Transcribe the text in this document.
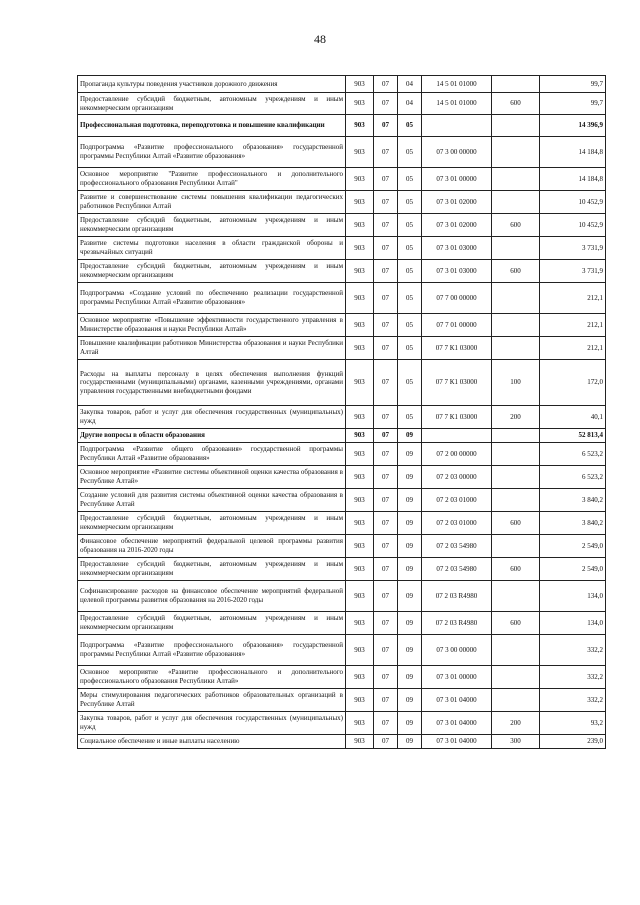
48
Пропаганда культуры поведения участников дорожного движения	903	07	04	14 5 01 01000		99,7
Предоставление субсидий бюджетным, автономным учреждениям и иным некоммерческим организациям	903	07	04	14 5 01 01000	600	99,7
Профессиональная подготовка, переподготовка и повышение квалификации	903	07	05			14 396,9
Подпрограмма «Развитие профессионального образования» государственной программы Республики Алтай «Развитие образования»	903	07	05	07 3 00 00000		14 184,8
Основное мероприятие "Развитие профессионального и дополнительного профессионального образования Республики Алтай"	903	07	05	07 3 01 00000		14 184,8
Развитие и совершенствование системы повышения квалификации педагогических работников Республики Алтай	903	07	05	07 3 01 02000		10 452,9
Предоставление субсидий бюджетным, автономным учреждениям и иным некоммерческим организациям	903	07	05	07 3 01 02000	600	10 452,9
Развитие системы подготовки населения в области гражданской обороны и чрезвычайных ситуаций	903	07	05	07 3 01 03000		3 731,9
Предоставление субсидий бюджетным, автономным учреждениям и иным некоммерческим организациям	903	07	05	07 3 01 03000	600	3 731,9
Подпрограмма «Создание условий по обеспечению реализации государственной программы Республики Алтай «Развитие образования»	903	07	05	07 7 00 00000		212,1
Основное мероприятие «Повышение эффективности государственного управления в Министерстве образования и науки Республики Алтай»	903	07	05	07 7 01 00000		212,1
Повышение квалификации работников Министерства образования и науки Республики Алтай	903	07	05	07 7 К1 03000		212,1
Расходы на выплаты персоналу в целях обеспечения выполнения функций государственными (муниципальными) органами, казенными учреждениями, органами управления государственными внебюджетными фондами	903	07	05	07 7 К1 03000	100	172,0
Закупка товаров, работ и услуг для обеспечения государственных (муниципальных) нужд	903	07	05	07 7 К1 03000	200	40,1
Другие вопросы в области образования	903	07	09			52 813,4
Подпрограмма «Развитие общего образования» государственной программы Республики Алтай «Развитие образования»	903	07	09	07 2 00 00000		6 523,2
Основное мероприятие «Развитие системы объективной оценки качества образования в Республике Алтай»	903	07	09	07 2 03 00000		6 523,2
Создание условий для развития системы объективной оценки качества образования в Республике Алтай	903	07	09	07 2 03 01000		3 840,2
Предоставление субсидий бюджетным, автономным учреждениям и иным некоммерческим организациям	903	07	09	07 2 03 01000	600	3 840,2
Финансовое обеспечение мероприятий федеральной целевой программы развития образования на 2016-2020 годы	903	07	09	07 2 03 54980		2 549,0
Предоставление субсидий бюджетным, автономным учреждениям и иным некоммерческим организациям	903	07	09	07 2 03 54980	600	2 549,0
Софинансирование расходов на финансовое обеспечение мероприятий федеральной целевой программы развития образования на 2016-2020 годы	903	07	09	07 2 03 R4980		134,0
Предоставление субсидий бюджетным, автономным учреждениям и иным некоммерческим организациям	903	07	09	07 2 03 R4980	600	134,0
Подпрограмма «Развитие профессионального образования» государственной программы Республики Алтай «Развитие образования»	903	07	09	07 3 00 00000		332,2
Основное мероприятие «Развитие профессионального и дополнительного профессионального образования Республики Алтай»	903	07	09	07 3 01 00000		332,2
Меры стимулирования педагогических работников образовательных организаций в Республике Алтай	903	07	09	07 3 01 04000		332,2
Закупка товаров, работ и услуг для обеспечения государственных (муниципальных) нужд	903	07	09	07 3 01 04000	200	93,2
Социальное обеспечение и иные выплаты населению	903	07	09	07 3 01 04000	300	239,0
